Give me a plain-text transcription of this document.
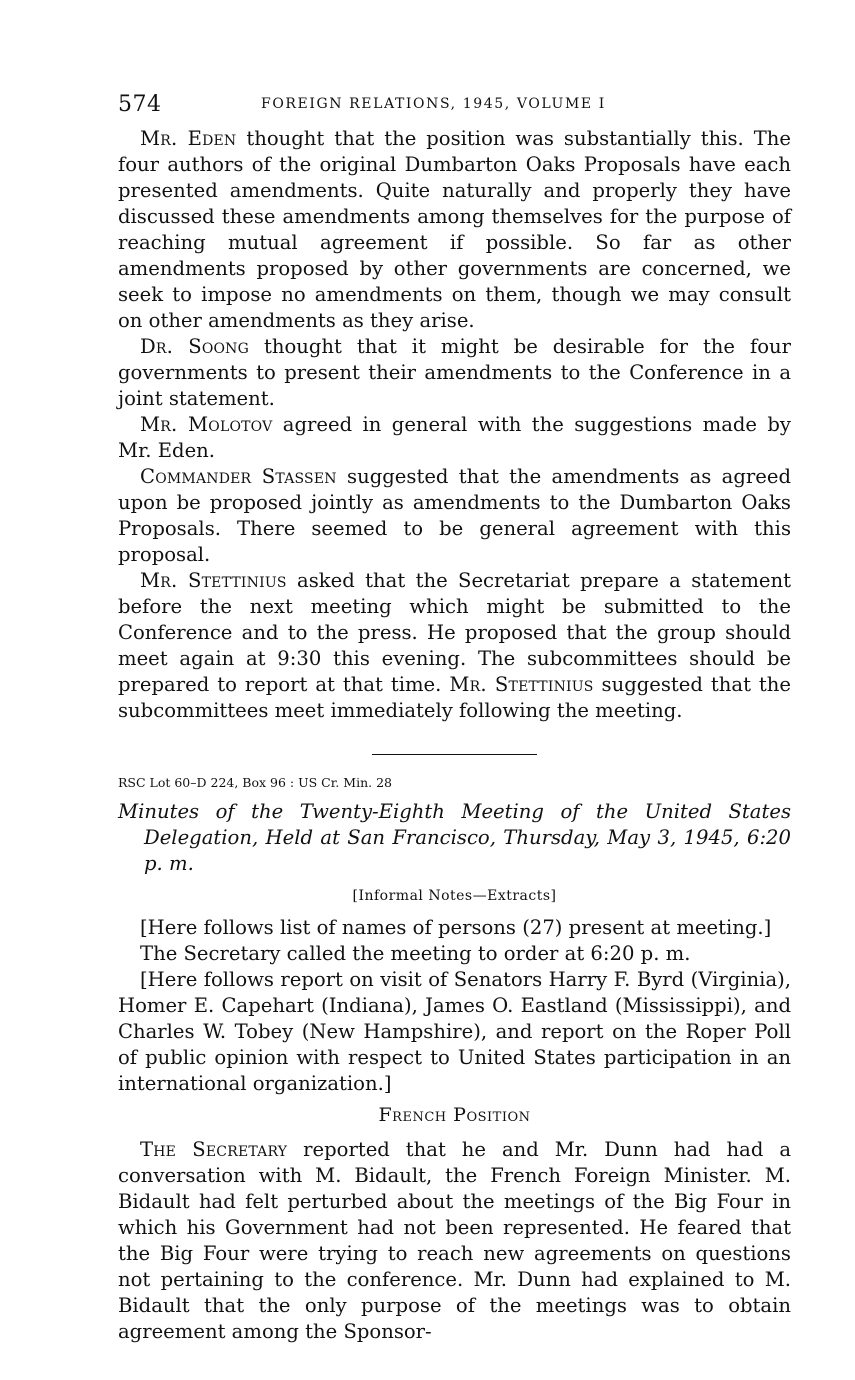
574	FOREIGN RELATIONS, 1945, VOLUME I

Mr. Eden thought that the position was substantially this. The four authors of the original Dumbarton Oaks Proposals have each presented amendments. Quite naturally and properly they have discussed these amendments among themselves for the purpose of reaching mutual agreement if possible. So far as other amendments proposed by other governments are concerned, we seek to impose no amendments on them, though we may consult on other amendments as they arise.

Dr. Soong thought that it might be desirable for the four governments to present their amendments to the Conference in a joint statement.

Mr. Molotov agreed in general with the suggestions made by Mr. Eden.

Commander Stassen suggested that the amendments as agreed upon be proposed jointly as amendments to the Dumbarton Oaks Proposals. There seemed to be general agreement with this proposal.

Mr. Stettinius asked that the Secretariat prepare a statement before the next meeting which might be submitted to the Conference and to the press. He proposed that the group should meet again at 9:30 this evening. The subcommittees should be prepared to report at that time. Mr. Stettinius suggested that the subcommittees meet immediately following the meeting.

RSC Lot 60–D 224, Box 96 : US Cr. Min. 28
Minutes of the Twenty-Eighth Meeting of the United States Delegation, Held at San Francisco, Thursday, May 3, 1945, 6:20 p. m.
[Informal Notes—Extracts]

[Here follows list of names of persons (27) present at meeting.]

The Secretary called the meeting to order at 6:20 p. m.

[Here follows report on visit of Senators Harry F. Byrd (Virginia), Homer E. Capehart (Indiana), James O. Eastland (Mississippi), and Charles W. Tobey (New Hampshire), and report on the Roper Poll of public opinion with respect to United States participation in an international organization.]

French Position

The Secretary reported that he and Mr. Dunn had had a conversation with M. Bidault, the French Foreign Minister. M. Bidault had felt perturbed about the meetings of the Big Four in which his Government had not been represented. He feared that the Big Four were trying to reach new agreements on questions not pertaining to the conference. Mr. Dunn had explained to M. Bidault that the only purpose of the meetings was to obtain agreement among the Sponsor-
